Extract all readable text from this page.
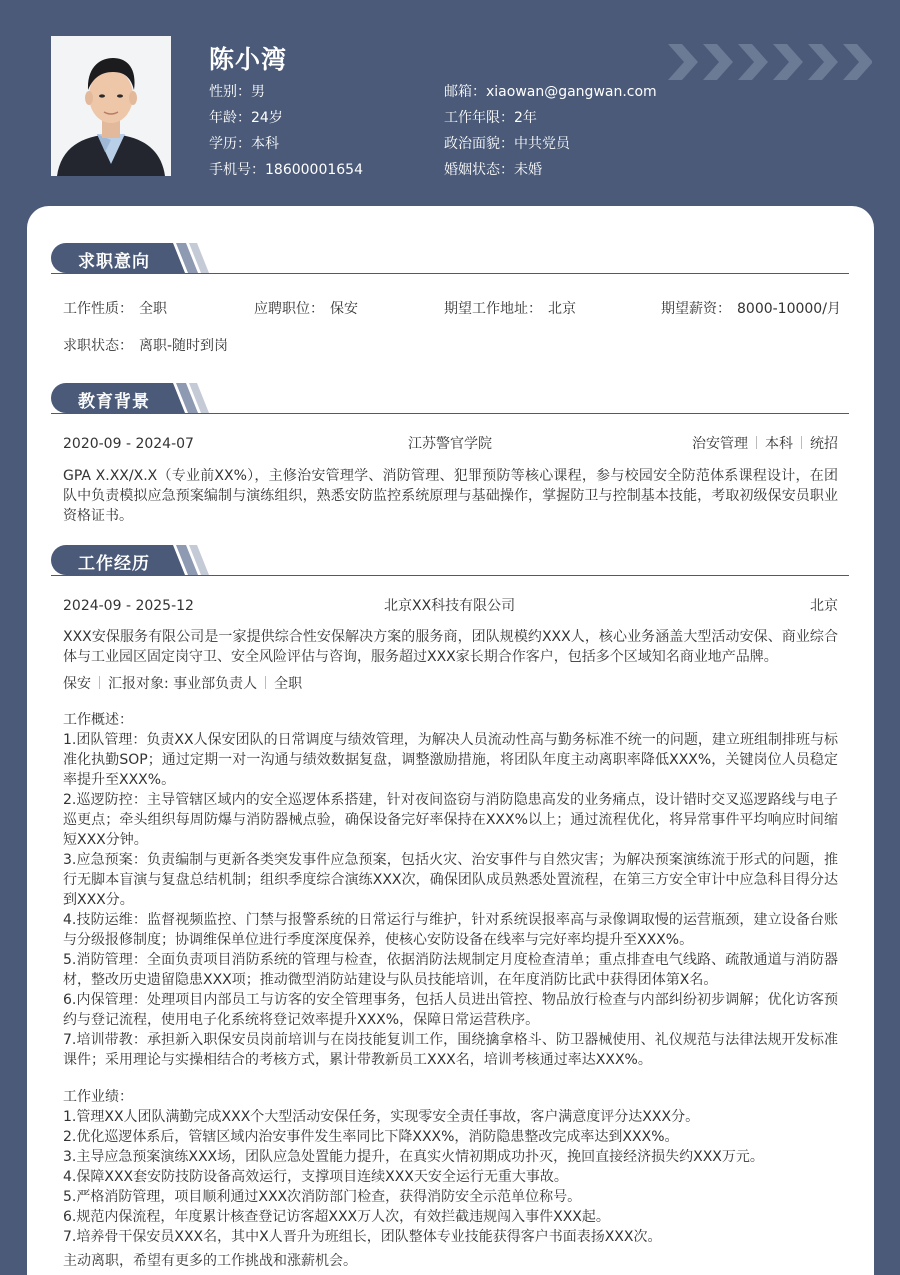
陈小湾
性别：男
年龄：24岁
学历：本科
手机号：18600001654
邮箱：xiaowan@gangwan.com
工作年限：2年
政治面貌：中共党员
婚姻状态：未婚
求职意向
工作性质： 全职	应聘职位： 保安	期望工作地址： 北京	期望薪资： 8000-10000/月
求职状态： 离职-随时到岗
教育背景
2020-09 - 2024-07	江苏警官学院	治安管理 本科 统招
GPA X.XX/X.X（专业前XX%），主修治安管理学、消防管理、犯罪预防等核心课程，参与校园安全防范体系课程设计，在团队中负责模拟应急预案编制与演练组织，熟悉安防监控系统原理与基础操作，掌握防卫与控制基本技能，考取初级保安员职业资格证书。
工作经历
2024-09 - 2025-12	北京XX科技有限公司	北京
XXX安保服务有限公司是一家提供综合性安保解决方案的服务商，团队规模约XXX人，核心业务涵盖大型活动安保、商业综合体与工业园区固定岗守卫、安全风险评估与咨询，服务超过XXX家长期合作客户，包括多个区域知名商业地产品牌。
保安 汇报对象: 事业部负责人 全职
工作概述：
1.团队管理：负责XX人保安团队的日常调度与绩效管理，为解决人员流动性高与勤务标准不统一的问题，建立班组制排班与标准化执勤SOP；通过定期一对一沟通与绩效数据复盘，调整激励措施，将团队年度主动离职率降低XXX%，关键岗位人员稳定率提升至XXX%。
2.巡逻防控：主导管辖区域内的安全巡逻体系搭建，针对夜间盗窃与消防隐患高发的业务痛点，设计错时交叉巡逻路线与电子巡更点；牵头组织每周防爆与消防器械点验，确保设备完好率保持在XXX%以上；通过流程优化，将异常事件平均响应时间缩短XXX分钟。
3.应急预案：负责编制与更新各类突发事件应急预案，包括火灾、治安事件与自然灾害；为解决预案演练流于形式的问题，推行无脚本盲演与复盘总结机制；组织季度综合演练XXX次，确保团队成员熟悉处置流程，在第三方安全审计中应急科目得分达到XXX分。
4.技防运维：监督视频监控、门禁与报警系统的日常运行与维护，针对系统误报率高与录像调取慢的运营瓶颈，建立设备台账与分级报修制度；协调维保单位进行季度深度保养，使核心安防设备在线率与完好率均提升至XXX%。
5.消防管理：全面负责项目消防系统的管理与检查，依据消防法规制定月度检查清单；重点排查电气线路、疏散通道与消防器材，整改历史遗留隐患XXX项；推动微型消防站建设与队员技能培训，在年度消防比武中获得团体第X名。
6.内保管理：处理项目内部员工与访客的安全管理事务，包括人员进出管控、物品放行检查与内部纠纷初步调解；优化访客预约与登记流程，使用电子化系统将登记效率提升XXX%，保障日常运营秩序。
7.培训带教：承担新入职保安员岗前培训与在岗技能复训工作，围绕擒拿格斗、防卫器械使用、礼仪规范与法律法规开发标准课件；采用理论与实操相结合的考核方式，累计带教新员工XXX名，培训考核通过率达XXX%。
工作业绩：
1.管理XX人团队满勤完成XXX个大型活动安保任务，实现零安全责任事故，客户满意度评分达XXX分。
2.优化巡逻体系后，管辖区域内治安事件发生率同比下降XXX%，消防隐患整改完成率达到XXX%。
3.主导应急预案演练XXX场，团队应急处置能力提升，在真实火情初期成功扑灭，挽回直接经济损失约XXX万元。
4.保障XXX套安防技防设备高效运行，支撑项目连续XXX天安全运行无重大事故。
5.严格消防管理，项目顺利通过XXX次消防部门检查，获得消防安全示范单位称号。
6.规范内保流程，年度累计核查登记访客超XXX万人次，有效拦截违规闯入事件XXX起。
7.培养骨干保安员XXX名，其中X人晋升为班组长，团队整体专业技能获得客户书面表扬XXX次。
主动离职，希望有更多的工作挑战和涨薪机会。
